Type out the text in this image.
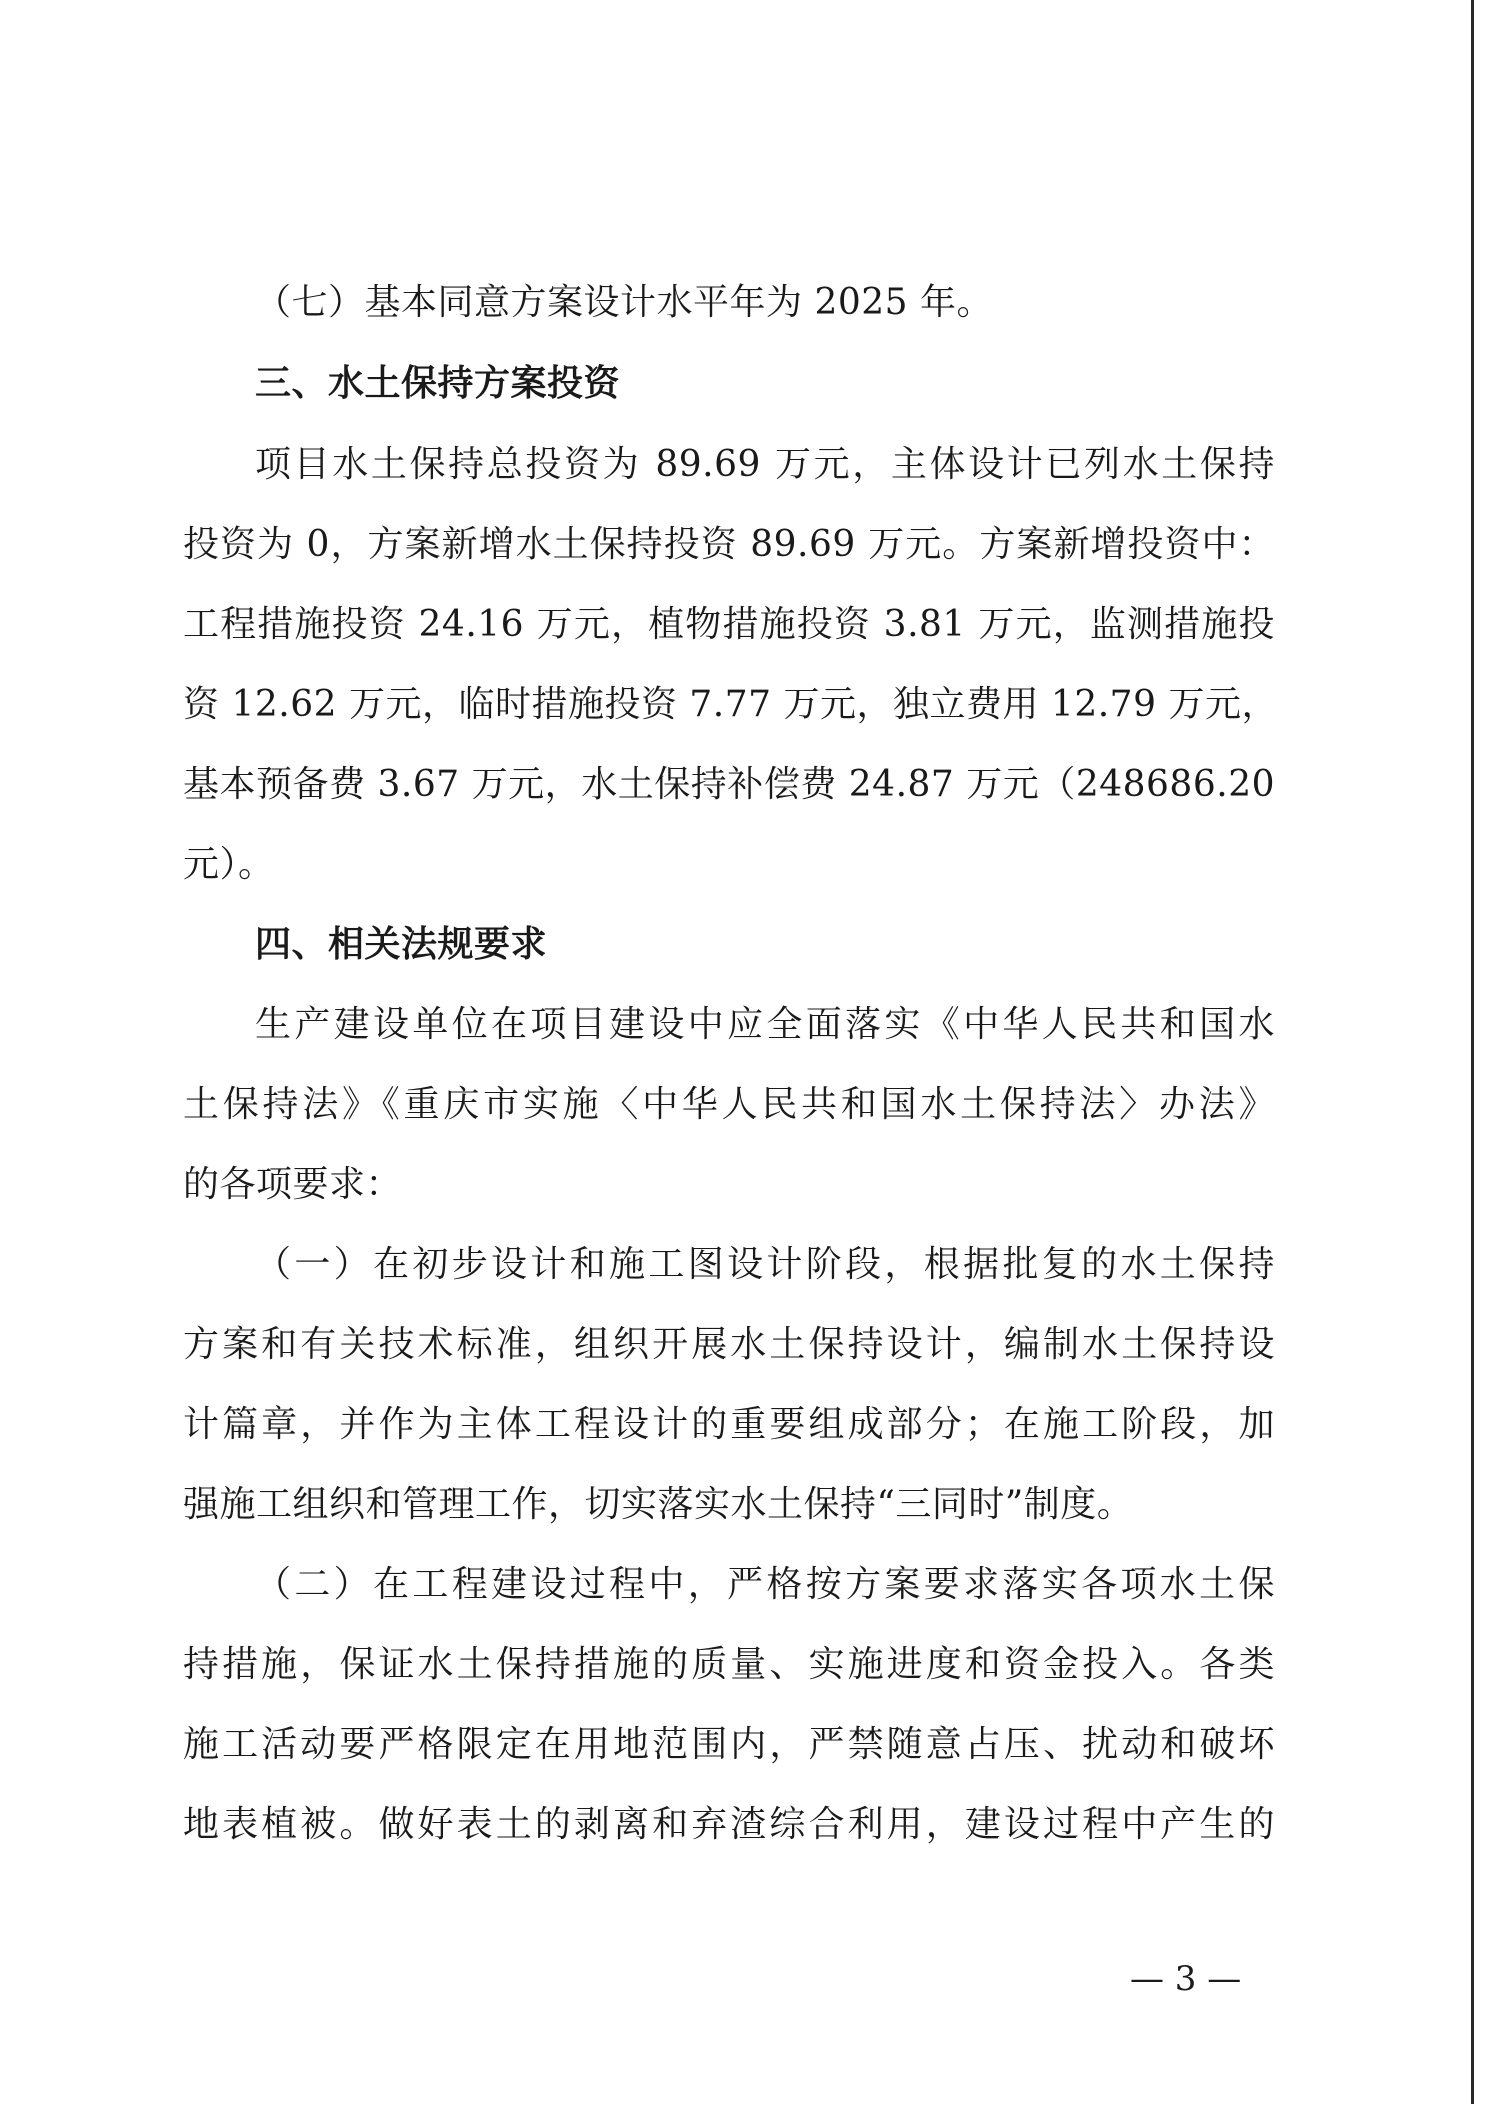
（七）基本同意方案设计水平年为 2025 年。
三、水土保持方案投资
项目水土保持总投资为 89.69 万元，主体设计已列水土保持
投资为 0，方案新增水土保持投资 89.69 万元。方案新增投资中：
工程措施投资 24.16 万元，植物措施投资 3.81 万元，监测措施投
资 12.62 万元，临时措施投资 7.77 万元，独立费用 12.79 万元，
基本预备费 3.67 万元，水土保持补偿费 24.87 万元（248686.20
元）。
四、相关法规要求
生产建设单位在项目建设中应全面落实《中华人民共和国水
土保持法》《重庆市实施〈中华人民共和国水土保持法〉办法》
的各项要求：
（一）在初步设计和施工图设计阶段，根据批复的水土保持
方案和有关技术标准，组织开展水土保持设计，编制水土保持设
计篇章，并作为主体工程设计的重要组成部分；在施工阶段，加
强施工组织和管理工作，切实落实水土保持“三同时”制度。
（二）在工程建设过程中，严格按方案要求落实各项水土保
持措施，保证水土保持措施的质量、实施进度和资金投入。各类
施工活动要严格限定在用地范围内，严禁随意占压、扰动和破坏
地表植被。做好表土的剥离和弃渣综合利用，建设过程中产生的
— 3 —
